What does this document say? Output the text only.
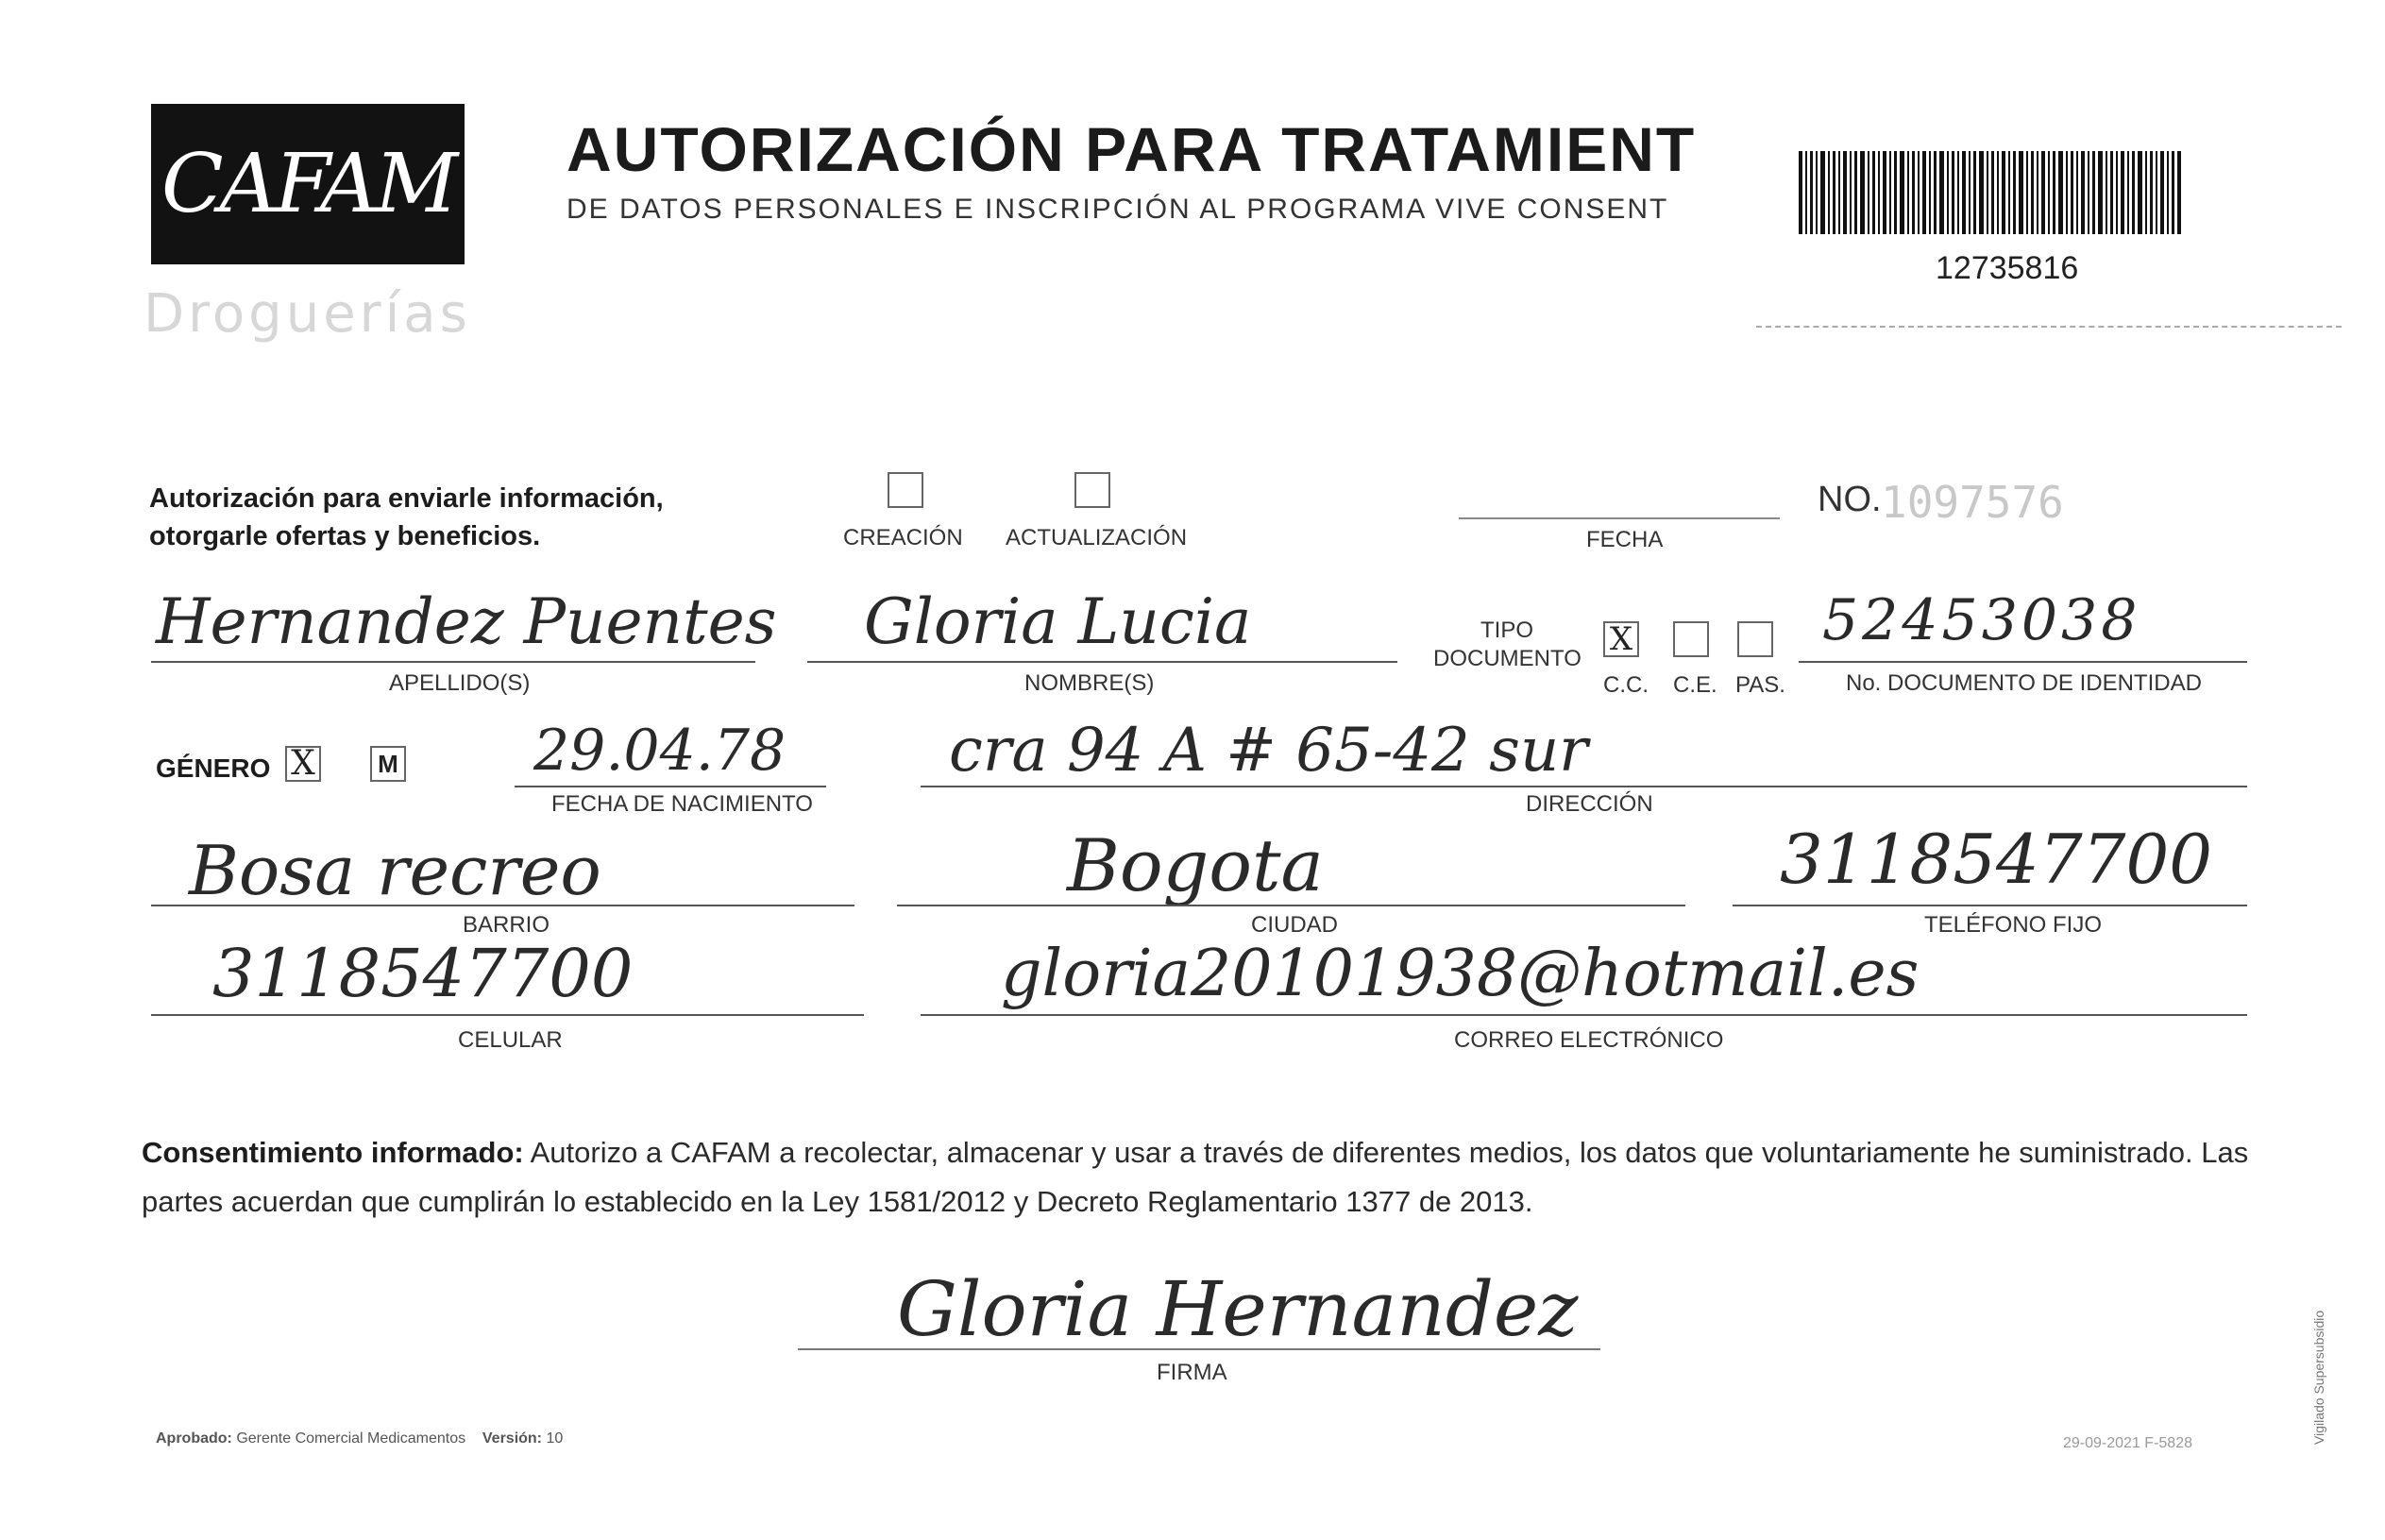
CAFAM
Droguerías
AUTORIZACIÓN PARA TRATAMIENT
DE DATOS PERSONALES E INSCRIPCIÓN AL PROGRAMA VIVE CONSENT
12735816
Autorización para enviarle información,
otorgarle ofertas y beneficios.	CREACIÓN ACTUALIZACIÓN	FECHA
NO. 1097576
Hernandez Puentes
APELLIDO(S)
Gloria Lucia
NOMBRE(S)
TIPO
DOCUMENTO
X
C.C. C.E. PAS.
52453038
No. DOCUMENTO DE IDENTIDAD
GÉNERO X	M 29.04.78
FECHA DE NACIMIENTO
cra 94 A # 65-42 sur
DIRECCIÓN
Bosa recreo
BARRIO
Bogota
CIUDAD
3118547700
TELÉFONO FIJO
3118547700
CELULAR
gloria20101938@hotmail.es
CORREO ELECTRÓNICO
Consentimiento informado: Autorizo a CAFAM a recolectar, almacenar y usar a través de diferentes medios, los datos que voluntariamente he suministrado. Las partes acuerdan que cumplirán lo establecido en la Ley 1581/2012 y Decreto Reglamentario 1377 de 2013.
Gloria Hernandez
FIRMA
Aprobado: Gerente Comercial Medicamentos Versión: 10	29-09-2021 F-5828	Vigilado Supersubsidio
